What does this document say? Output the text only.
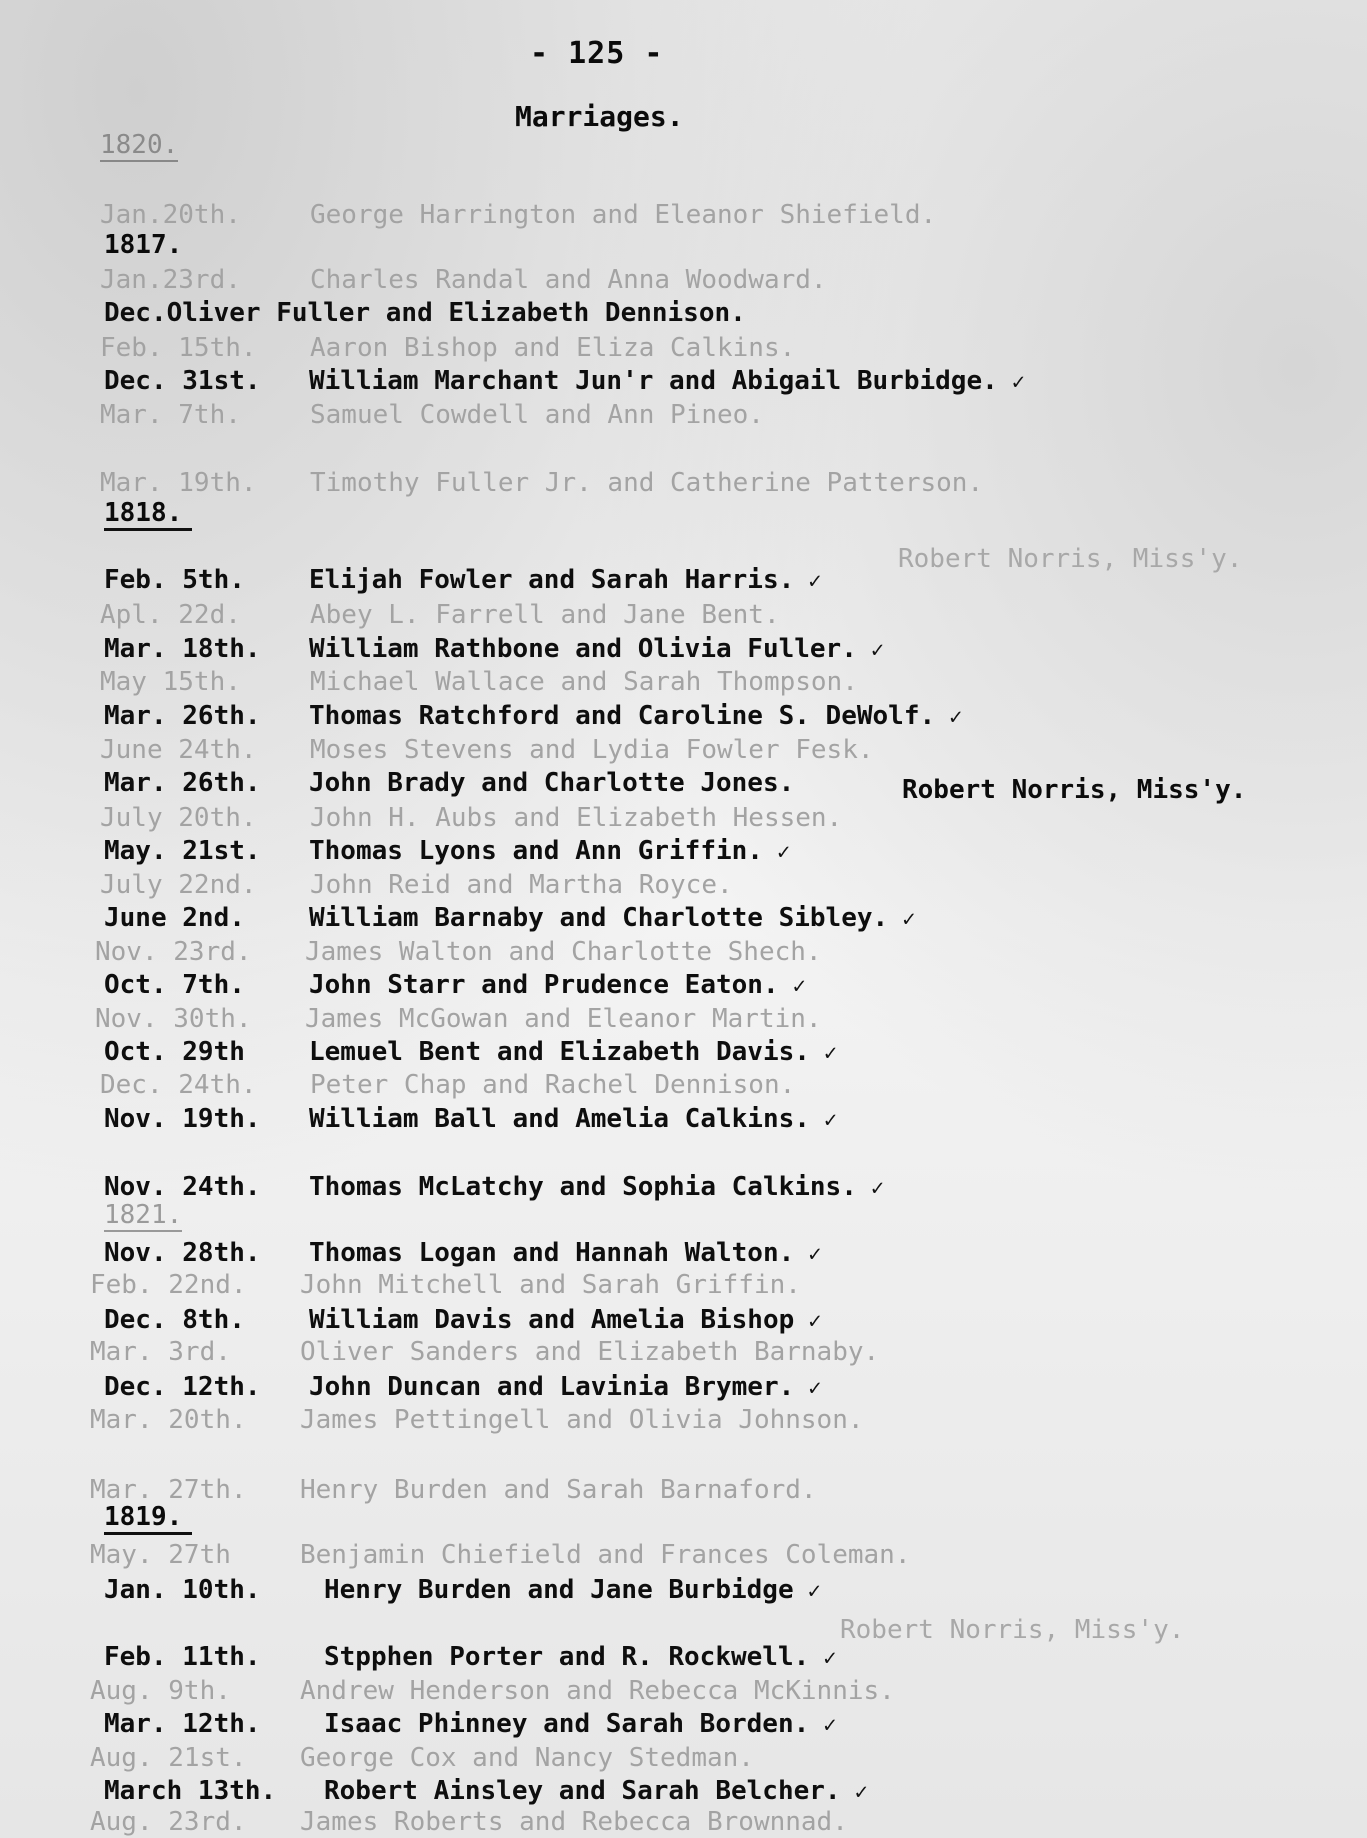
- 125 -
Marriages.
1820.
1817.
1818.
1819.
1821.
Jan.20th.	George Harrington and Eleanor Shiefield.
Jan.23rd.	Charles Randal and Anna Woodward.
Feb. 15th. Aaron Bishop and Eliza Calkins.
Mar. 7th.	Samuel Cowdell and Ann Pineo.
Mar. 19th. Timothy Fuller Jr. and Catherine Patterson.
Apl. 22d.	Abey L. Farrell and Jane Bent.
May 15th.	Michael Wallace and Sarah Thompson.
June 24th. Moses Stevens and Lydia Fowler Fesk.
July 20th. John H. Aubs and Elizabeth Hessen.
July 22nd. John Reid and Martha Royce.
Nov. 23rd. James Walton and Charlotte Shech.
Nov. 30th. James McGowan and Eleanor Martin.
Dec. 24th. Peter Chap and Rachel Dennison.
Feb. 22nd. John Mitchell and Sarah Griffin.
Mar. 3rd.	Oliver Sanders and Elizabeth Barnaby.
Mar. 20th. James Pettingell and Olivia Johnson.
Mar. 27th. Henry Burden and Sarah Barnaford.
May. 27th	Benjamin Chiefield and Frances Coleman.
Aug. 9th.	Andrew Henderson and Rebecca McKinnis.
Aug. 21st. George Cox and Nancy Stedman.
Aug. 23rd. James Roberts and Rebecca Brownnad.
Dec.Oliver Fuller and Elizabeth Dennison.
Dec. 31st. William Marchant Jun'r and Abigail Burbidge. ✓
Feb. 5th. Elijah Fowler and Sarah Harris. ✓
Mar. 18th. William Rathbone and Olivia Fuller. ✓
Mar. 26th. Thomas Ratchford and Caroline S. DeWolf. ✓
Mar. 26th. John Brady and Charlotte Jones.
May. 21st. Thomas Lyons and Ann Griffin. ✓
June 2nd. William Barnaby and Charlotte Sibley. ✓
Oct. 7th. John Starr and Prudence Eaton. ✓
Oct. 29th Lemuel Bent and Elizabeth Davis. ✓
Nov. 19th. William Ball and Amelia Calkins. ✓
Nov. 24th. Thomas McLatchy and Sophia Calkins. ✓
Nov. 28th. Thomas Logan and Hannah Walton. ✓
Dec. 8th. William Davis and Amelia Bishop ✓
Dec. 12th. John Duncan and Lavinia Brymer. ✓
Jan. 10th. Henry Burden and Jane Burbidge ✓
Feb. 11th. Stpphen Porter and R. Rockwell. ✓
Mar. 12th. Isaac Phinney and Sarah Borden. ✓
March 13th. Robert Ainsley and Sarah Belcher. ✓
Robert Norris, Miss'y.
Robert Norris, Miss'y.
Robert Norris, Miss'y.
